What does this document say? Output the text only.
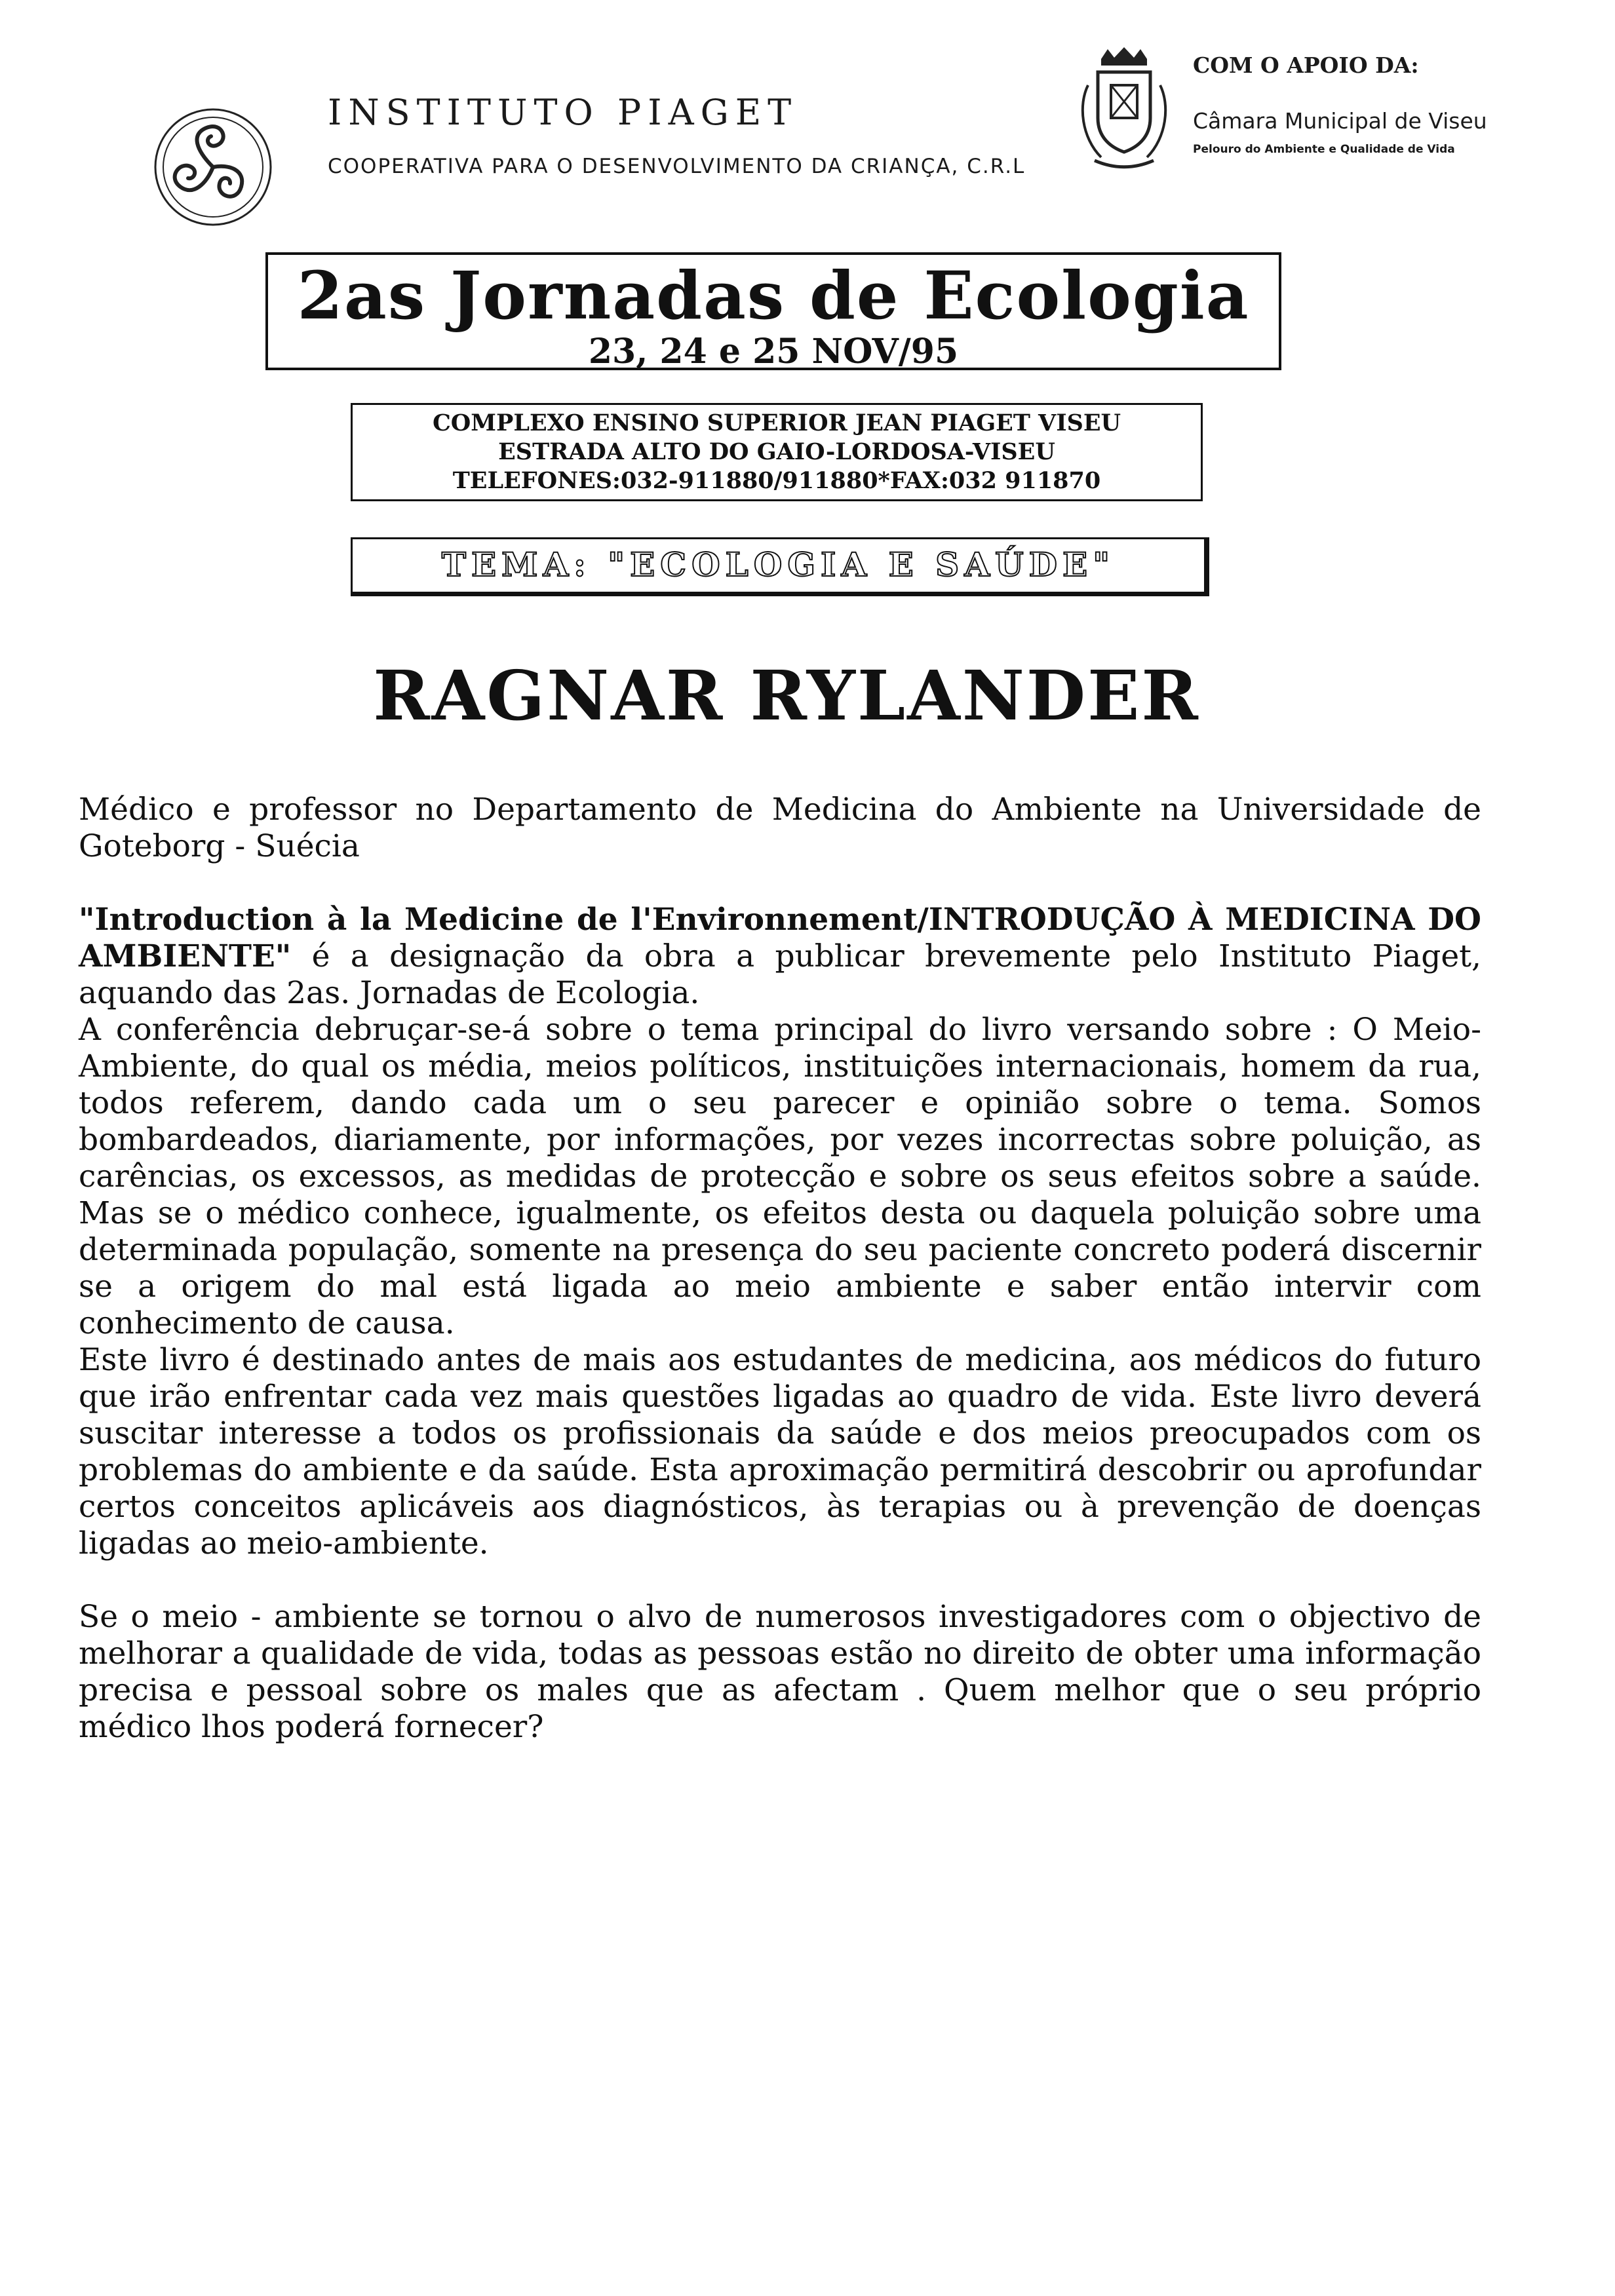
INSTITUTO PIAGET
COOPERATIVA PARA O DESENVOLVIMENTO DA CRIANÇA, C.R.L
COM O APOIO DA:
Câmara Municipal de Viseu
Pelouro do Ambiente e Qualidade de Vida
2as Jornadas de Ecologia
23, 24 e 25 NOV/95
COMPLEXO ENSINO SUPERIOR JEAN PIAGET VISEU
ESTRADA ALTO DO GAIO-LORDOSA-VISEU
TELEFONES:032-911880/911880*FAX:032 911870
TEMA: "ECOLOGIA E SAÚDE"
RAGNAR RYLANDER

Médico e professor no Departamento de Medicina do Ambiente na Universidade de Goteborg - Suécia

"Introduction à la Medicine de l'Environnement/INTRODUÇÃO À MEDICINA DO AMBIENTE" é a designação da obra a publicar brevemente pelo Instituto Piaget, aquando das 2as. Jornadas de Ecologia.

A conferência debruçar-se-á sobre o tema principal do livro versando sobre : O Meio-Ambiente, do qual os média, meios políticos, instituições internacionais, homem da rua, todos referem, dando cada um o seu parecer e opinião sobre o tema. Somos bombardeados, diariamente, por informações, por vezes incorrectas sobre poluição, as carências, os excessos, as medidas de protecção e sobre os seus efeitos sobre a saúde. Mas se o médico conhece, igualmente, os efeitos desta ou daquela poluição sobre uma determinada população, somente na presença do seu paciente concreto poderá discernir se a origem do mal está ligada ao meio ambiente e saber então intervir com conhecimento de causa.

Este livro é destinado antes de mais aos estudantes de medicina, aos médicos do futuro que irão enfrentar cada vez mais questões ligadas ao quadro de vida. Este livro deverá suscitar interesse a todos os profissionais da saúde e dos meios preocupados com os problemas do ambiente e da saúde. Esta aproximação permitirá descobrir ou aprofundar certos conceitos aplicáveis aos diagnósticos, às terapias ou à prevenção de doenças ligadas ao meio-ambiente.

Se o meio - ambiente se tornou o alvo de numerosos investigadores com o objectivo de melhorar a qualidade de vida, todas as pessoas estão no direito de obter uma informação precisa e pessoal sobre os males que as afectam . Quem melhor que o seu próprio médico lhos poderá fornecer?
